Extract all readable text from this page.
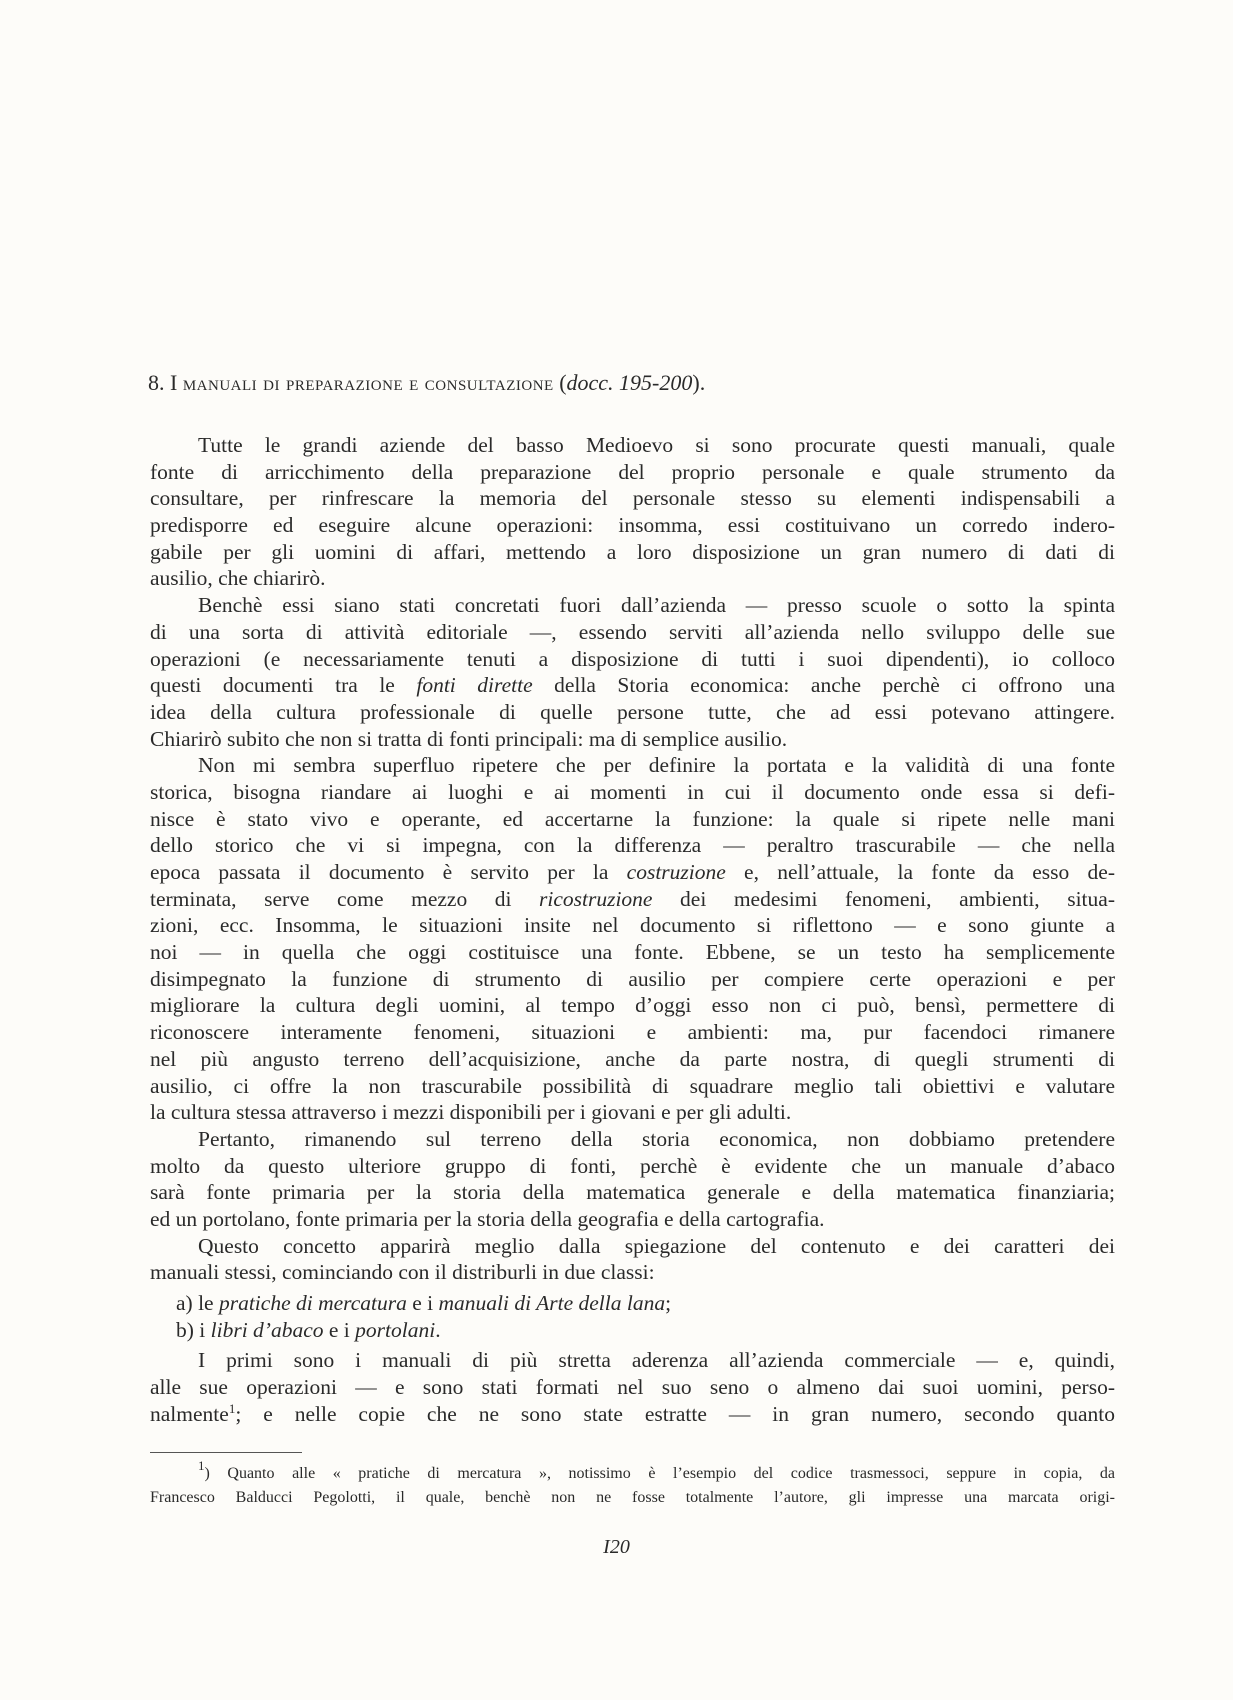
8. I manuali di preparazione e consultazione (docc. 195-200).
Tutte le grandi aziende del basso Medioevo si sono procurate questi manuali, quale
fonte di arricchimento della preparazione del proprio personale e quale strumento da
consultare, per rinfrescare la memoria del personale stesso su elementi indispensabili a
predisporre ed eseguire alcune operazioni: insomma, essi costituivano un corredo indero-
gabile per gli uomini di affari, mettendo a loro disposizione un gran numero di dati di
ausilio, che chiarirò.
Benchè essi siano stati concretati fuori dall’azienda — presso scuole o sotto la spinta
di una sorta di attività editoriale —, essendo serviti all’azienda nello sviluppo delle sue
operazioni (e necessariamente tenuti a disposizione di tutti i suoi dipendenti), io colloco
questi documenti tra le fonti dirette della Storia economica: anche perchè ci offrono una
idea della cultura professionale di quelle persone tutte, che ad essi potevano attingere.
Chiarirò subito che non si tratta di fonti principali: ma di semplice ausilio.
Non mi sembra superfluo ripetere che per definire la portata e la validità di una fonte
storica, bisogna riandare ai luoghi e ai momenti in cui il documento onde essa si defi-
nisce è stato vivo e operante, ed accertarne la funzione: la quale si ripete nelle mani
dello storico che vi si impegna, con la differenza — peraltro trascurabile — che nella
epoca passata il documento è servito per la costruzione e, nell’attuale, la fonte da esso de-
terminata, serve come mezzo di ricostruzione dei medesimi fenomeni, ambienti, situa-
zioni, ecc. Insomma, le situazioni insite nel documento si riflettono — e sono giunte a
noi — in quella che oggi costituisce una fonte. Ebbene, se un testo ha semplicemente
disimpegnato la funzione di strumento di ausilio per compiere certe operazioni e per
migliorare la cultura degli uomini, al tempo d’oggi esso non ci può, bensì, permettere di
riconoscere interamente fenomeni, situazioni e ambienti: ma, pur facendoci rimanere
nel più angusto terreno dell’acquisizione, anche da parte nostra, di quegli strumenti di
ausilio, ci offre la non trascurabile possibilità di squadrare meglio tali obiettivi e valutare
la cultura stessa attraverso i mezzi disponibili per i giovani e per gli adulti.
Pertanto, rimanendo sul terreno della storia economica, non dobbiamo pretendere
molto da questo ulteriore gruppo di fonti, perchè è evidente che un manuale d’abaco
sarà fonte primaria per la storia della matematica generale e della matematica finanziaria;
ed un portolano, fonte primaria per la storia della geografia e della cartografia.
Questo concetto apparirà meglio dalla spiegazione del contenuto e dei caratteri dei
manuali stessi, cominciando con il distriburli in due classi:
a) le pratiche di mercatura e i manuali di Arte della lana;
b) i libri d’abaco e i portolani.
I primi sono i manuali di più stretta aderenza all’azienda commerciale — e, quindi,
alle sue operazioni — e sono stati formati nel suo seno o almeno dai suoi uomini, perso-
nalmente$^1$; e nelle copie che ne sono state estratte — in gran numero, secondo quanto
$^1$) Quanto alle « pratiche di mercatura », notissimo è l’esempio del codice trasmessoci, seppure in copia, da
Francesco Balducci Pegolotti, il quale, benchè non ne fosse totalmente l’autore, gli impresse una marcata origi-
I20
